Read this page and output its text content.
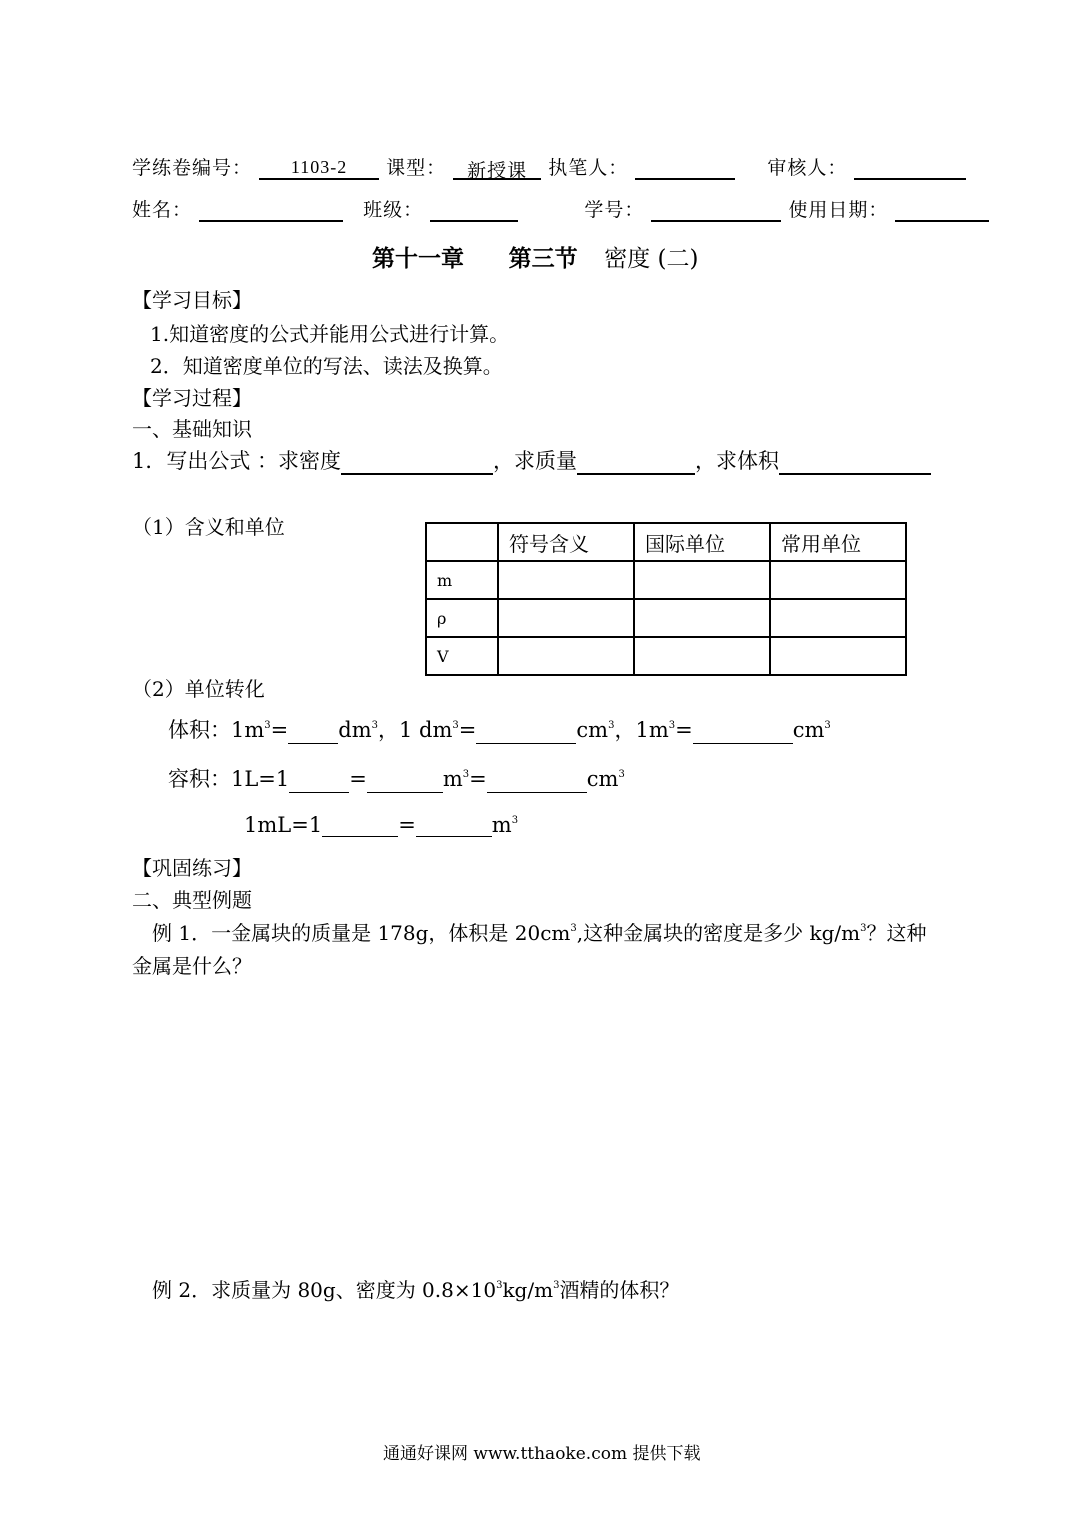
学练卷编号： 1103-2 课型： 新授课 执笔人：	审核人：
姓名：	班级：	学号：	使用日期：
第十一章 第三节 密度 (二)
【学习目标】
1.知道密度的公式并能用公式进行计算。
2．知道密度单位的写法、读法及换算。
【学习过程】
一、基础知识
1．写出公式 ：求密度	，求质量	，求体积
（1）含义和单位
	符号含义	国际单位	常用单位
m			
ρ			
V			
（2）单位转化
体积：$1m^3= dm^3$，1 $dm^3=$	$cm^3$，$1m^3=$	$cm^3$
容积：1L=1	=	$m^3=$	$cm^3$
1mL=1	=	$m^3$
【巩固练习】
二、典型例题
例 1．一金属块的质量是 178g，体积是 $20cm^3$,这种金属块的密度是多少 $kg/m^3$？这种
金属是什么？
例 2．求质量为 80g、密度为 $0.8\times 10^3kg/m^3$酒精的体积？
通通好课网 www.tthaoke.com 提供下载
